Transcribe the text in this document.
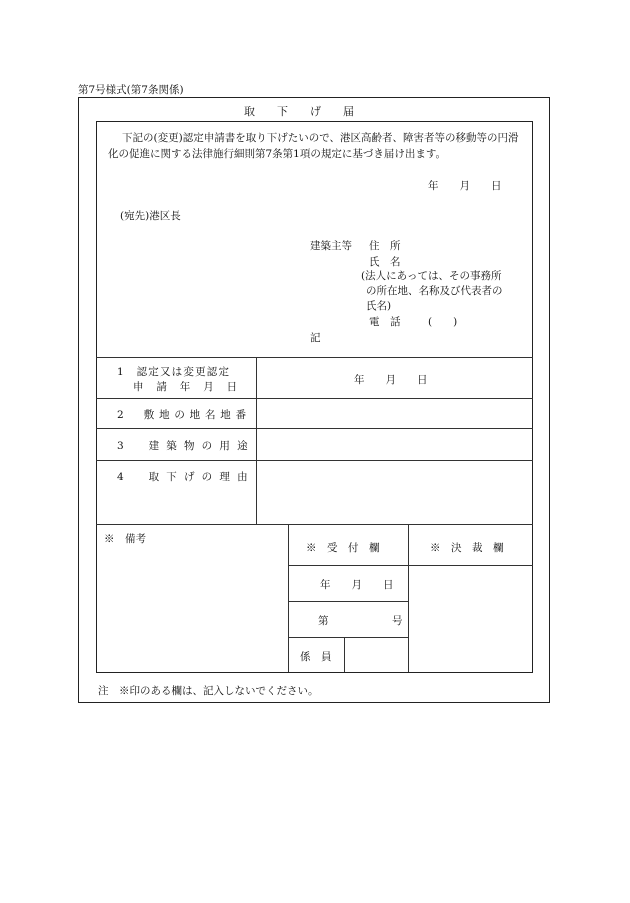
第7号様式(第7条関係)
取　　下　　げ　　届
下記の(変更)認定申請書を取り下げたいので、港区高齢者、障害者等の移動等の円滑化の促進に関する法律施行細則第7条第1項の規定に基づき届け出ます。
年　　月　　日
(宛先)港区長
建築主等 住　所
氏　名
(法人にあっては、その事務所
の所在地、名称及び代表者の
氏名)
電　話	(　　)
記
1　認定又は変更認定
申　請　年　月　日
年　　月　　日
2　敷地の地名地番
3　建築物の用途
4　取下げの理由
※　備考
※　受　付　欄	※　決　裁　欄
年　　月　　日
第	号
係　員
注　※印のある欄は、記入しないでください。
